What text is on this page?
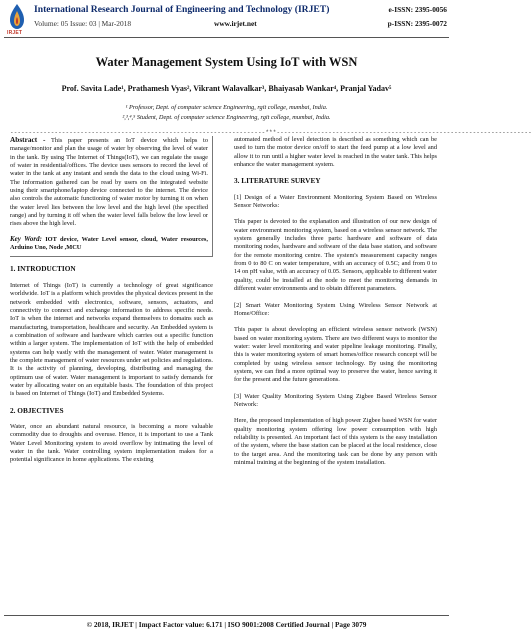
IRJET
International Research Journal of Engineering and Technology (IRJET)
Volume: 05 Issue: 03 | Mar-2018	www.irjet.net
e-ISSN: 2395-0056
p-ISSN: 2395-0072
Water Management System Using IoT with WSN
Prof. Savita Lade¹, Prathamesh Vyas², Vikrant Walavalkar³, Bhaiyasab Wankar⁴, Pranjal Yadav⁵
¹ Professor, Dept. of computer science Engineering, rgit college, mumbai, India.
²,³,⁴,⁵ Student, Dept. of computer science Engineering, rgit college, mumbai, India.
---------------------------------------------------------------------***---------------------------------------------------------------------

Abstract - This paper presents an IoT device which helps to manage/monitor and plan the usage of water by observing the level of water in the tank. By using The Internet of Things(IoT), we can regulate the usage of water in residential/offices. The device uses sensors to record the level of water in the tank at any instant and sends the data to the cloud using Wi-Fi. The information gathered can be read by users on the integrated website using their smartphone/laptop device connected to the internet. The device also controls the automatic functioning of water motor by turning it on when the water level lies between the low level and the high level (the specified range) and by turning it off when the water level falls below the low level or rises above the high level.

Key Word: IOT device, Water Level sensor, cloud, Water resources, Arduino Uno, Node ,MCU

1. INTRODUCTION

Internet of Things (IoT) is currently a technology of great significance worldwide. IoT is a platform which provides the physical devices present in the network embedded with electronics, software, sensors, actuators, and connectivity to connect and exchange information to address specific needs. IoT is when the internet and networks expand themselves to domains such as manufacturing, transportation, healthcare and security. An Embedded system is a combination of software and hardware which carries out a specific function within a larger system. The implementation of IoT with the help of embedded systems can help vastly with the management of water. Water management is the complete management of water resources under set policies and regulations. It is the activity of planning, developing, distributing and managing the optimum use of water. Water management is important to satisfy demands for water by allocating water on an equitable basis. The foundation of this project is based on Internet of Things (IoT) and Embedded Systems.

2. OBJECTIVES

Water, once an abundant natural resource, is becoming a more valuable commodity due to droughts and overuse. Hence, it is important to use a Tank Water Level Monitoring system to avoid overflow by intimating the level of water in the tank. Water controlling system implementation makes for a potential significance in home applications. The existing

automated method of level detection is described as something which can be used to turn the motor device on/off to start the feed pump at a low level and allow it to run until a higher water level is reached in the water tank. This helps enhance the water management system.

3. LITERATURE SURVEY

[1] Design of a Water Environment Monitoring System Based on Wireless Sensor Networks:

This paper is devoted to the explanation and illustration of our new design of water environment monitoring system, based on a wireless sensor network. The system generally includes three parts: hardware and software of data monitoring nodes, hardware and software of the data base station, and software for the remote monitoring centre. The system's measurement capacity ranges from 0 to 80 C on water temperature, with an accuracy of 0.5C; and from 0 to 14 on pH value, with an accuracy of 0.05. Sensors, applicable to different water quality, could be installed at the node to meet the monitoring demands in different water environments and to obtain different parameters.

[2] Smart Water Monitoring System Using Wireless Sensor Network at Home/Office:

This paper is about developing an efficient wireless sensor network (WSN) based on water monitoring system. There are two different ways to monitor the water: water level monitoring and water pipeline leakage monitoring. Finally, this is water monitoring system of smart homes/office research concept will be completed by using wireless sensor technology. By using the monitoring system, we can find a more optimal way to preserve the water, hence saving it for the present and the future generations.

[3] Water Quality Monitoring System Using Zigbee Based Wireless Sensor Network:

Here, the proposed implementation of high power Zigbee based WSN for water quality monitoring system offering low power consumption with high reliability is presented. An important fact of this system is the easy installation of the system, where the base station can be placed at the local residence, close to the target area. And the monitoring task can be done by any person with minimal training at the beginning of the system installation.

© 2018, IRJET | Impact Factor value: 6.171 | ISO 9001:2008 Certified Journal | Page 3079
